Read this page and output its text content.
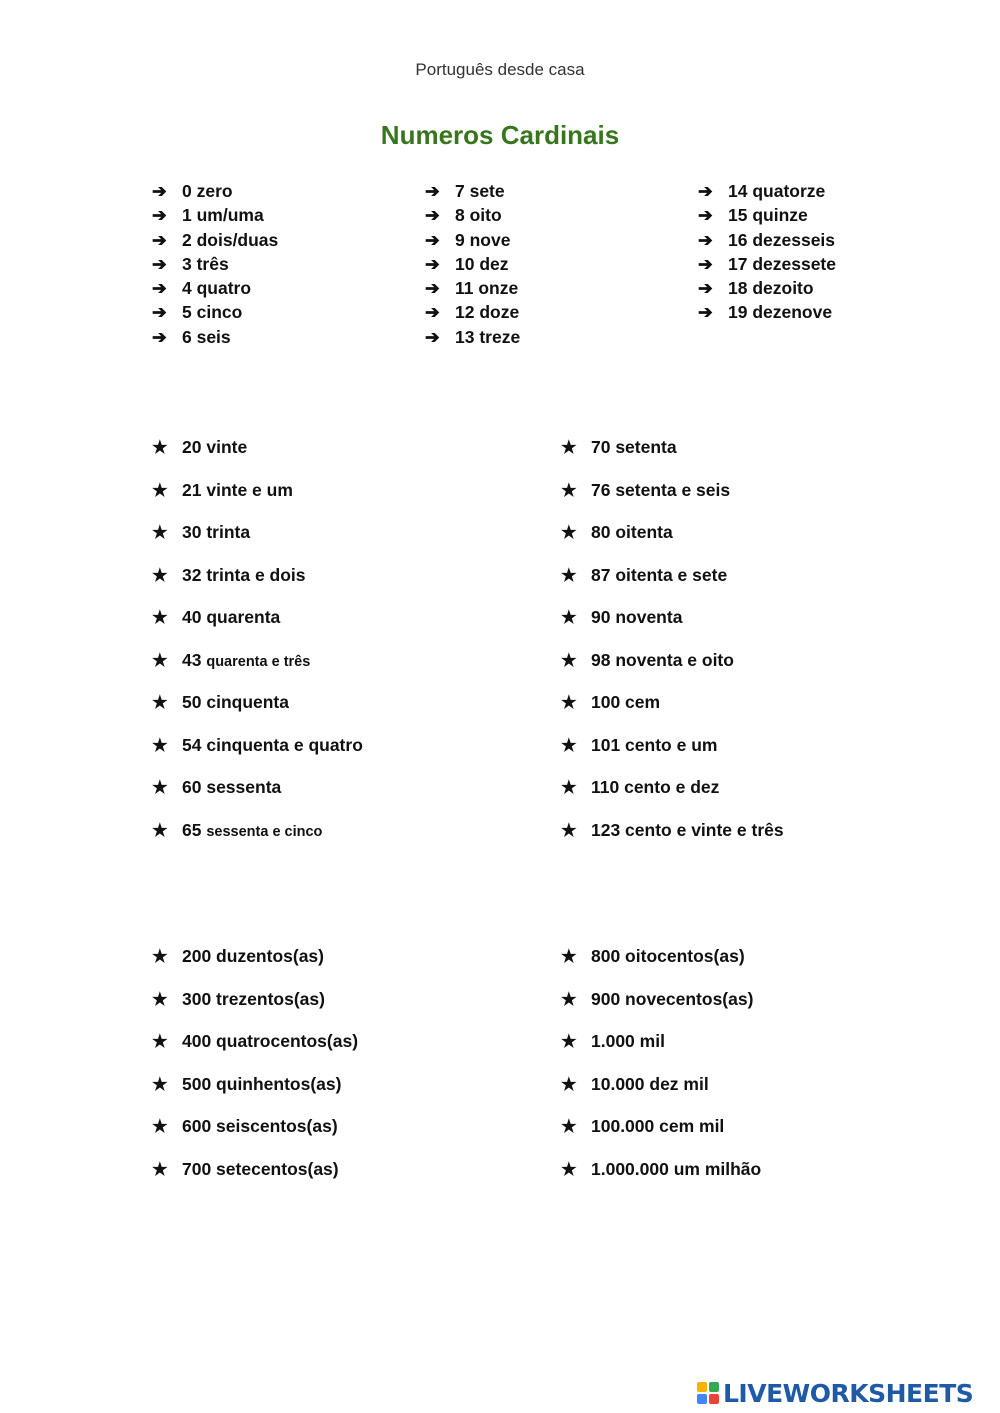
Português desde casa
Numeros Cardinais
➔ 0 zero
➔ 1 um/uma
➔ 2 dois/duas
➔ 3 três
➔ 4 quatro
➔ 5 cinco
➔ 6 seis
➔ 7 sete
➔ 8 oito
➔ 9 nove
➔ 10 dez
➔ 11 onze
➔ 12 doze
➔ 13 treze
➔ 14 quatorze
➔ 15 quinze
➔ 16 dezesseis
➔ 17 dezessete
➔ 18 dezoito
➔ 19 dezenove
★ 20 vinte
★ 21 vinte e um
★ 30 trinta
★ 32 trinta e dois
★ 40 quarenta
★ 43 quarenta e três
★ 50 cinquenta
★ 54 cinquenta e quatro
★ 60 sessenta
★ 65 sessenta e cinco
★ 70 setenta
★ 76 setenta e seis
★ 80 oitenta
★ 87 oitenta e sete
★ 90 noventa
★ 98 noventa e oito
★ 100 cem
★ 101 cento e um
★ 110 cento e dez
★ 123 cento e vinte e três
★ 200 duzentos(as)
★ 300 trezentos(as)
★ 400 quatrocentos(as)
★ 500 quinhentos(as)
★ 600 seiscentos(as)
★ 700 setecentos(as)
★ 800 oitocentos(as)
★ 900 novecentos(as)
★ 1.000 mil
★ 10.000 dez mil
★ 100.000 cem mil
★ 1.000.000 um milhão
LIVEWORKSHEETS
